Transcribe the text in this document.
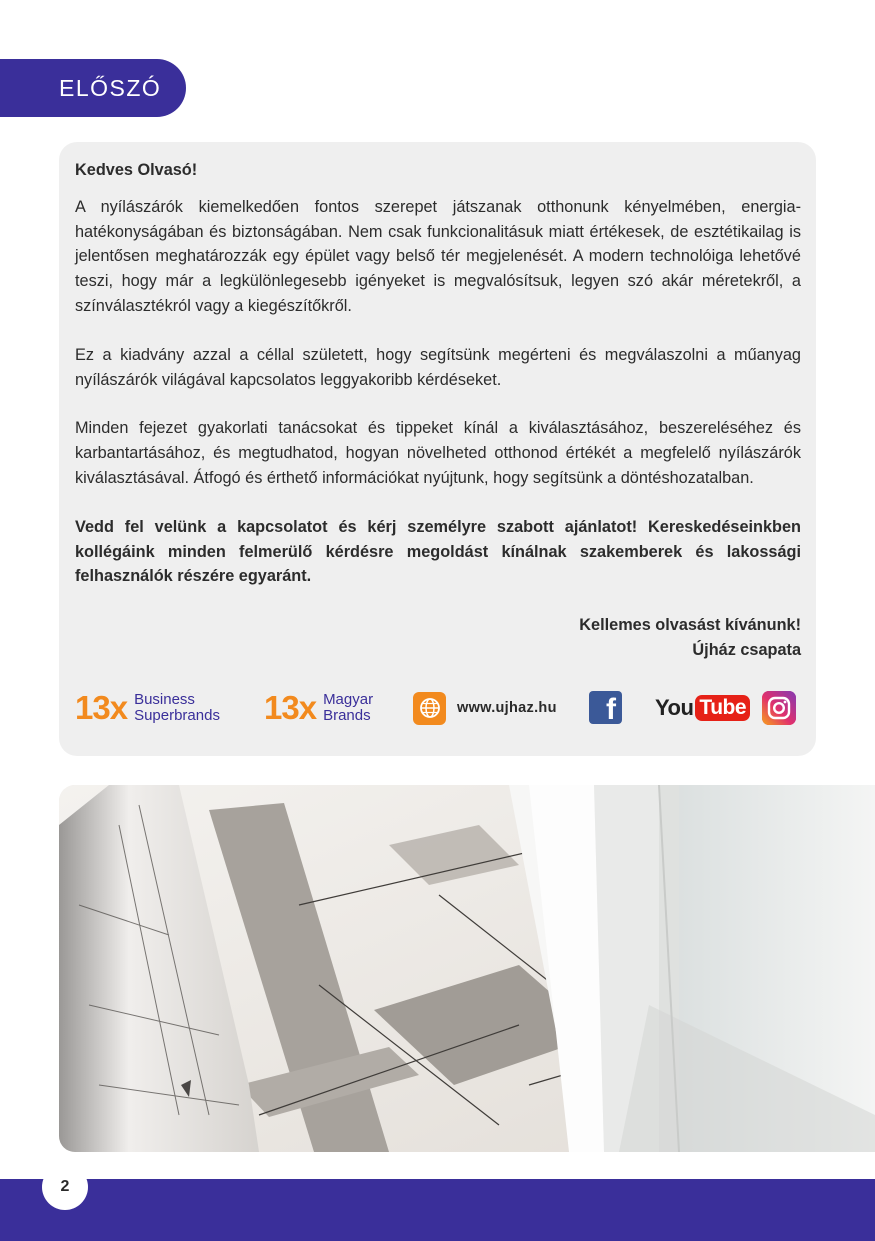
ELŐSZÓ

Kedves Olvasó!

A nyílászárók kiemelkedően fontos szerepet játszanak otthonunk kényelmében, energia-hatékonyságában és biztonságában. Nem csak funkcionalitásuk miatt értékesek, de esztétikailag is jelentősen meghatározzák egy épület vagy belső tér megjelenését. A modern technolóiga lehetővé teszi, hogy már a legkülönlegesebb igényeket is megvalósítsuk, legyen szó akár méretekről, a színválasztékról vagy a kiegészítőkről.

Ez a kiadvány azzal a céllal született, hogy segítsünk megérteni és megválaszolni a műanyag nyílászárók világával kapcsolatos leggyakoribb kérdéseket.

Minden fejezet gyakorlati tanácsokat és tippeket kínál a kiválasztásához, beszereléséhez és karbantartásához, és megtudhatod, hogyan növelheted otthonod értékét a megfelelő nyílászárók kiválasztásával. Átfogó és érthető információkat nyújtunk, hogy segítsünk a döntéshozatalban.

Vedd fel velünk a kapcsolatot és kérj személyre szabott ajánlatot! Kereskedéseinkben kollégáink minden felmerülő kérdésre megoldást kínálnak szakemberek és lakossági felhasználók részére egyaránt.

Kellemes olvasást kívánunk!

Újház csapata

13x Business
Superbrands 13x Magyar
Brands	www.ujhaz.hu f You Tube
2
